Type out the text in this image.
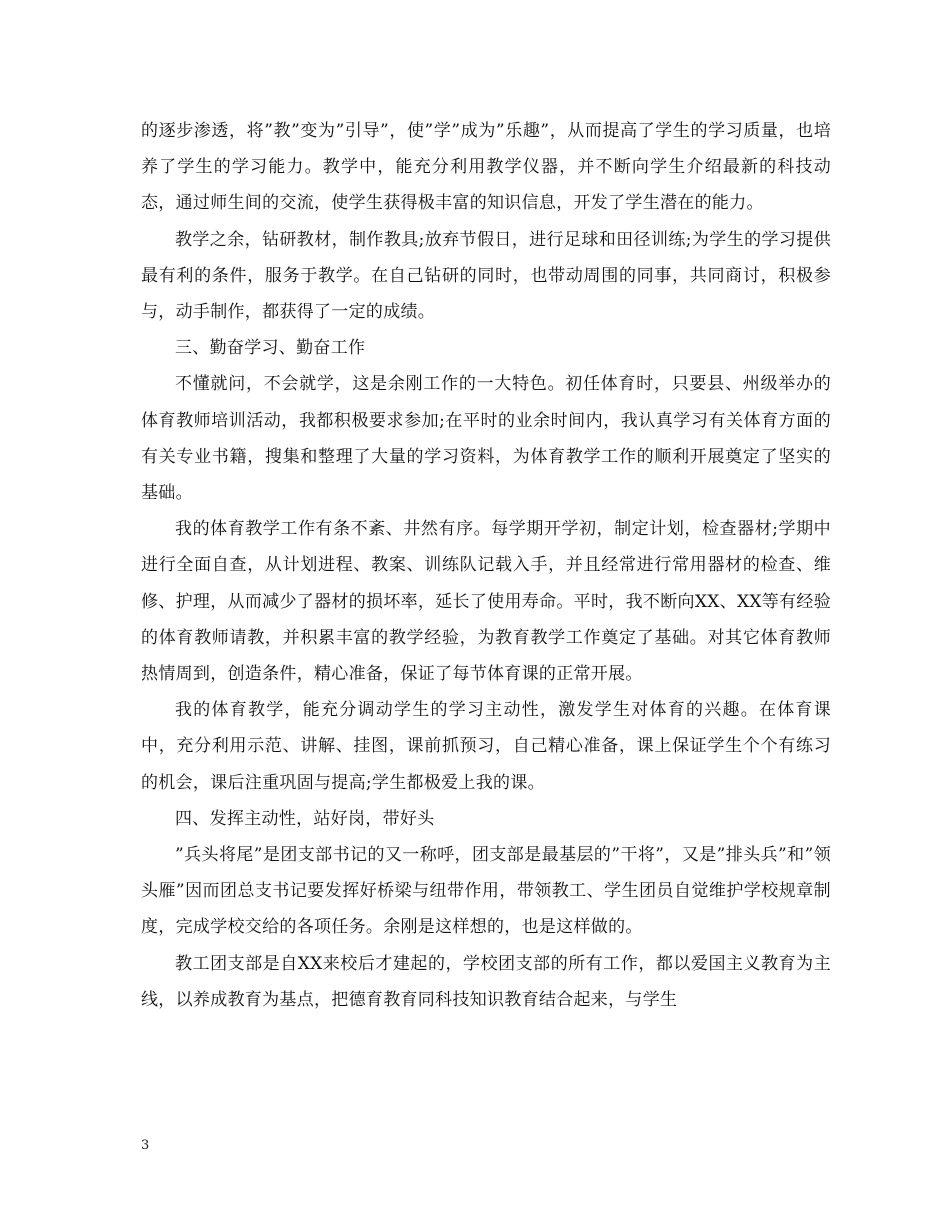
的逐步渗透，将”教”变为”引导”，使”学”成为”乐趣”，从而提高了学生的学习质量，也培养了学生的学习能力。教学中，能充分利用教学仪器，并不断向学生介绍最新的科技动态，通过师生间的交流，使学生获得极丰富的知识信息，开发了学生潜在的能力。

教学之余，钻研教材，制作教具;放弃节假日，进行足球和田径训练;为学生的学习提供最有利的条件，服务于教学。在自己钻研的同时，也带动周围的同事，共同商讨，积极参与，动手制作，都获得了一定的成绩。

三、勤奋学习、勤奋工作

不懂就问，不会就学，这是余刚工作的一大特色。初任体育时，只要县、州级举办的体育教师培训活动，我都积极要求参加;在平时的业余时间内，我认真学习有关体育方面的有关专业书籍，搜集和整理了大量的学习资料，为体育教学工作的顺利开展奠定了坚实的基础。

我的体育教学工作有条不紊、井然有序。每学期开学初，制定计划，检查器材;学期中进行全面自查，从计划进程、教案、训练队记载入手，并且经常进行常用器材的检查、维修、护理，从而减少了器材的损坏率，延长了使用寿命。平时，我不断向XX、XX等有经验的体育教师请教，并积累丰富的教学经验，为教育教学工作奠定了基础。对其它体育教师热情周到，创造条件，精心准备，保证了每节体育课的正常开展。

我的体育教学，能充分调动学生的学习主动性，激发学生对体育的兴趣。在体育课中，充分利用示范、讲解、挂图，课前抓预习，自己精心准备，课上保证学生个个有练习的机会，课后注重巩固与提高;学生都极爱上我的课。

四、发挥主动性，站好岗，带好头

”兵头将尾”是团支部书记的又一称呼，团支部是最基层的”干将”，又是”排头兵”和”领头雁”因而团总支书记要发挥好桥梁与纽带作用，带领教工、学生团员自觉维护学校规章制度，完成学校交给的各项任务。余刚是这样想的，也是这样做的。

教工团支部是自XX来校后才建起的，学校团支部的所有工作，都以爱国主义教育为主线，以养成教育为基点，把德育教育同科技知识教育结合起来，与学生

3
